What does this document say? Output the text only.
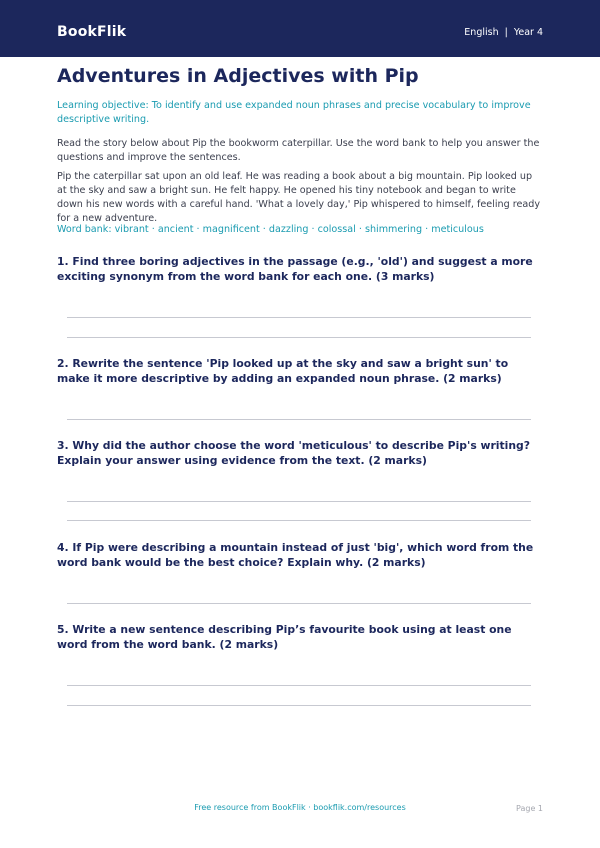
BookFlik	English | Year 4
Adventures in Adjectives with Pip
Learning objective: To identify and use expanded noun phrases and precise vocabulary to improve descriptive writing.
Read the story below about Pip the bookworm caterpillar. Use the word bank to help you answer the questions and improve the sentences.
Pip the caterpillar sat upon an old leaf. He was reading a book about a big mountain. Pip looked up at the sky and saw a bright sun. He felt happy. He opened his tiny notebook and began to write down his new words with a careful hand. 'What a lovely day,' Pip whispered to himself, feeling ready for a new adventure.
Word bank: vibrant · ancient · magnificent · dazzling · colossal · shimmering · meticulous
1. Find three boring adjectives in the passage (e.g., 'old') and suggest a more exciting synonym from the word bank for each one. (3 marks)
2. Rewrite the sentence 'Pip looked up at the sky and saw a bright sun' to make it more descriptive by adding an expanded noun phrase. (2 marks)
3. Why did the author choose the word 'meticulous' to describe Pip's writing? Explain your answer using evidence from the text. (2 marks)
4. If Pip were describing a mountain instead of just 'big', which word from the word bank would be the best choice? Explain why. (2 marks)
5. Write a new sentence describing Pip’s favourite book using at least one word from the word bank. (2 marks)
Free resource from BookFlik · bookflik.com/resources	Page 1
